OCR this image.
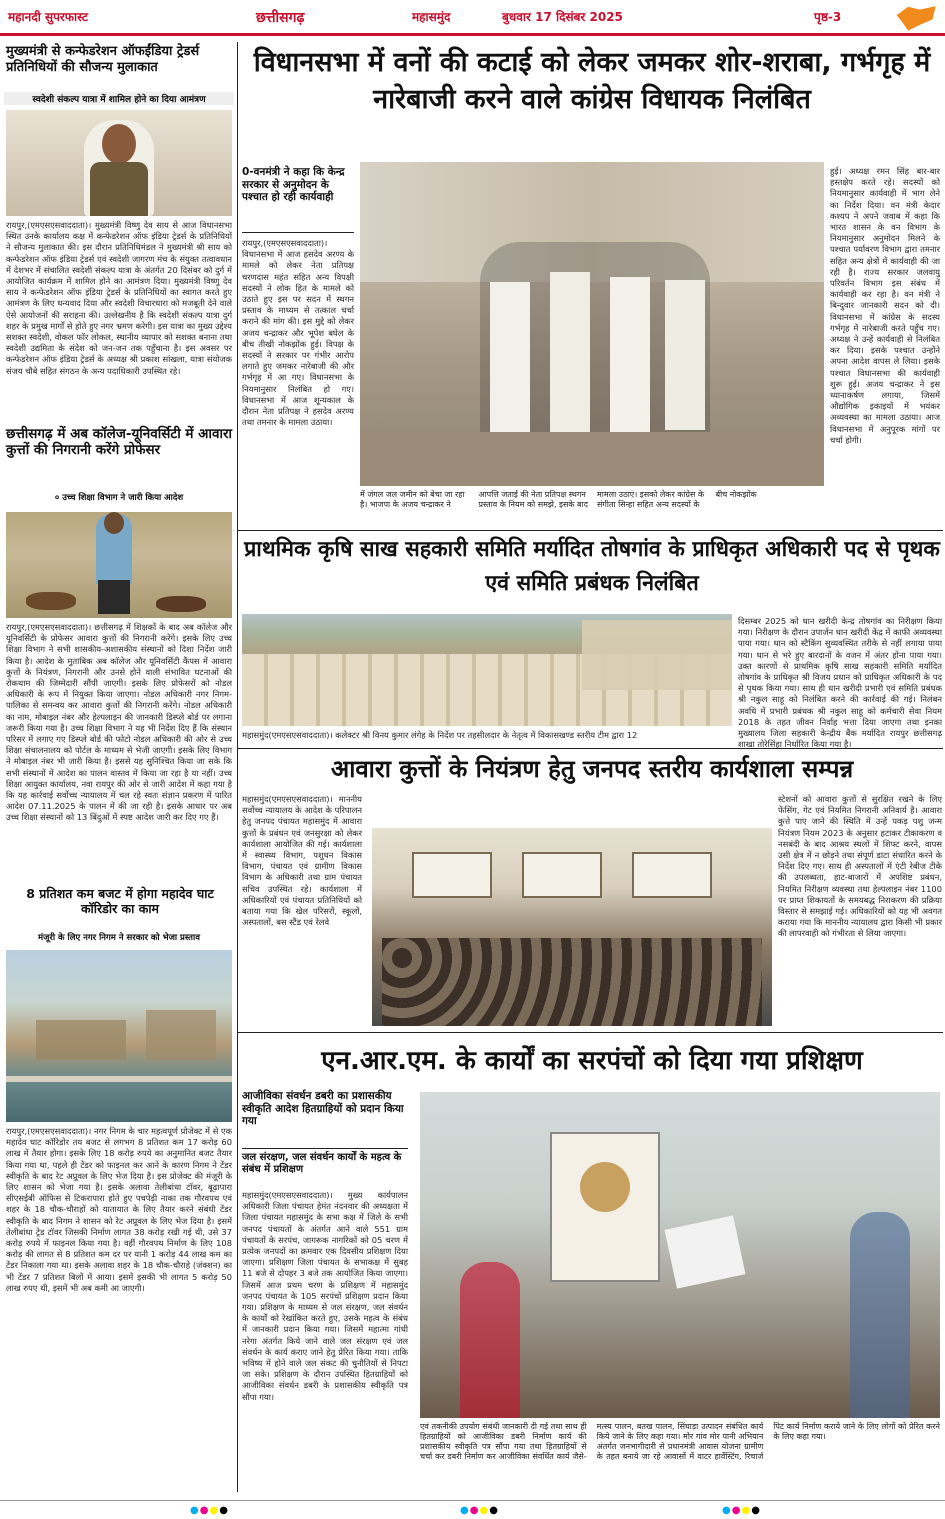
महानदी सुपरफास्ट	छत्तीसगढ़	महासमुंद	बुधवार 17 दिसंबर 2025	पृष्ठ-3
मुख्यमंत्री से कन्फेडरेशन ऑफईंडिया ट्रेडर्स प्रतिनिधियों की सौजन्य मुलाकात
स्वदेशी संकल्प यात्रा में शामिल होने का दिया आमंत्रण
रायपुर,(एमएसएसवाददाता)। मुख्यमंत्री विष्णु देव साय से आज विधानसभा स्थित उनके कार्यालय कक्ष में कन्फेडरेशन ऑफ इंडिया ट्रेडर्स के प्रतिनिधियों ने सौजन्य मुलाकात की। इस दौरान प्रतिनिधिमंडल ने मुख्यमंत्री श्री साय को कन्फेडरेशन ऑफ इंडिया ट्रेडर्स एवं स्वदेशी जागरण मंच के संयुक्त तत्वावधान में देशभर में संचालित स्वदेशी संकल्प यात्रा के अंतर्गत 20 दिसंबर को दुर्ग में आयोजित कार्यक्रम में शामिल होने का आमंत्रण दिया। मुख्यमंत्री विष्णु देव साय ने कन्फेडरेशन ऑफ इंडिया ट्रेडर्स के प्रतिनिधियों का स्वागत करते हुए आमंत्रण के लिए धन्यवाद दिया और स्वदेशी विचारधारा को मजबूती देने वाले ऐसे आयोजनों की सराहना की। उल्लेखनीय है कि स्वदेशी संकल्प यात्रा दुर्ग शहर के प्रमुख मार्गों से होते हुए नगर भ्रमण करेगी। इस यात्रा का मुख्य उद्देश्य सशक्त स्वदेशी, वोकल फॉर लोकल, स्थानीय व्यापार को सशक्त बनाना तथा स्वदेशी उद्यमिता के संदेश को जन-जन तक पहुँचाना है। इस अवसर पर कन्फेडरेशन ऑफ इंडिया ट्रेडर्स के अध्यक्ष श्री प्रकाश सांखला, यात्रा संयोजक संजय चौबे सहित संगठन के अन्य पदाधिकारी उपस्थित रहे।
छत्तीसगढ़ में अब कॉलेज-यूनिवर्सिटी में आवारा कुत्तों की निगरानी करेंगे प्रोफेसर
० उच्च शिक्षा विभाग ने जारी किया आदेश
रायपुर,(एमएसएसवाददाता)। छत्तीसगढ़ में शिक्षकों के बाद अब कॉलेज और यूनिवर्सिटी के प्रोफेसर आवारा कुत्तों की निगरानी करेंगे। इसके लिए उच्च शिक्षा विभाग ने सभी शासकीय-अशासकीय संस्थानों को दिशा निर्देश जारी किया है। आदेश के मुताबिक अब कॉलेज और यूनिवर्सिटी कैंपस में आवारा कुत्तों के नियंत्रण, निगरानी और उनसे होने वाली संभावित घटनाओं की रोकथाम की जिम्मेदारी सौंपी जाएगी। इसके लिए प्रोफेसरों को नोडल अधिकारी के रूप में नियुक्त किया जाएगा। नोडल अधिकारी नगर निगम-पालिका से समन्वय कर आवारा कुत्तों की निगरानी करेंगे। नोडल अधिकारी का नाम, मोबाइल नंबर और हेल्पलाइन की जानकारी डिस्प्ले बोर्ड पर लगाना जरूरी किया गया है। उच्च शिक्षा विभाग ने यह भी निर्देश दिए हैं कि संस्थान परिसर में लगाए गए डिस्प्ले बोर्ड की फोटो नोडल अधिकारी की ओर से उच्च शिक्षा संचालनालय को पोर्टल के माध्यम से भेजी जाएगी। इसके लिए विभाग ने मोबाइल नंबर भी जारी किया है। इससे यह सुनिश्चित किया जा सके कि सभी संस्थानों में आदेश का पालन वास्तव में किया जा रहा है या नहीं। उच्च शिक्षा आयुक्त कार्यालय, नवा रायपुर की ओर से जारी आदेश में कहा गया है कि यह कार्रवाई सर्वोच्च न्यायालय में चल रहे स्वतः संज्ञान प्रकरण में पारित आदेश 07.11.2025 के पालन में की जा रही है। इसके आधार पर अब उच्च शिक्षा संस्थानों को 13 बिंदुओं में स्पष्ट आदेश जारी कर दिए गए हैं।
8 प्रतिशत कम बजट में होगा महादेव घाट कॉरिडोर का काम
मंजूरी के लिए नगर निगम ने सरकार को भेजा प्रस्ताव
रायपुर,(एमएसएसवाददाता)। नगर निगम के चार महत्वपूर्ण प्रोजेक्ट में से एक महादेव घाट कॉरिडोर तय बजट से लगभग 8 प्रतिशत कम 17 करोड़ 60 लाख में तैयार होगा। इसके लिए 18 करोड़ रुपये का अनुमानित बजट तैयार किया गया था, पहले ही टेंडर को फाइनल कर आने के कारण निगम ने टेंडर स्वीकृति के बाद रेट अप्रूवल के लिए भेज दिया है। इस प्रोजेक्ट की मंजूरी के लिए शासन को भेजा गया है। इसके अलावा तेलीबांधा टॉवर, बूढ़ापारा सीएसईबी ऑफिस से टिकरापारा होते हुए पचपेड़ी नाका तक गौरवपथ एवं शहर के 18 चौक-चौराहों को यातायात के लिए तैयार करने संबंधी टेंडर स्वीकृति के बाद निगम ने शासन को रेट अप्रूवल के लिए भेज दिया है। इसमें तेलीबांधा ट्रेड टॉवर जिसकी निर्माण लागत 38 करोड़ रखी गई थी, उसे 37 करोड़ रुपये में फाइनल किया गया है। वहीं गौरवपथ निर्माण के लिए 108 करोड़ की लागत से 8 प्रतिशत कम दर पर यानी 1 करोड़ 44 लाख कम का टेंडर निकाला गया था। इसके अलावा शहर के 18 चौक-चौराहे (जंक्शन) का भी टेंडर 7 प्रतिशत बिलों में आया। इसमें इसकी भी लागत 5 करोड़ 50 लाख रुपए थी, इसमें भी अब कमी आ जाएगी।
विधानसभा में वनों की कटाई को लेकर जमकर शोर-शराबा, गर्भगृह में नारेबाजी करने वाले कांग्रेस विधायक निलंबित
0-वनमंत्री ने कहा कि केन्द्र सरकार से अनुमोदन के पश्चात हो रही कार्यवाही
रायपुर,(एमएसएसवाददाता)। विधानसभा में आज हसदेव अरण्य के मामले को लेकर नेता प्रतिपक्ष चरणदास महंत सहित अन्य विपक्षी सदस्यों ने लोक हित के मामले को उठाते हुए इस पर सदन में स्थगन प्रस्ताव के माध्यम से तत्काल चर्चा कराने की मांग की। इस मुद्दे को लेकर अजय चन्द्राकर और भूपेश बघेल के बीच तीखी नोकझोंक हुई। विपक्ष के सदस्यों ने सरकार पर गंभीर आरोप लगाते हुए जमकर नारेबाजी की और गर्भगृह में आ गए। विधानसभा के नियमानुसार निलंबित हो गए। विधानसभा में आज शून्यकाल के दौरान नेता प्रतिपक्ष ने हसदेव अरण्य तथा तमनार के मामला उठाया।
हुई। अध्यक्ष रमन सिंह बार-बार हस्तक्षेप करते रहे। सदस्यों को नियमानुसार कार्यवाही में भाग लेने का निर्देश दिया। वन मंत्री केदार कश्यप ने अपने जवाब में कहा कि भारत शासन के वन विभाग के नियमानुसार अनुमोदन मिलने के पश्चात पर्यावरण विभाग द्वारा तमनार सहित अन्य क्षेत्रों में कार्यवाही की जा रही है। राज्य सरकार जलवायु परिवर्तन विभाग इस संबंध में कार्यवाही कर रहा है। वन मंत्री ने बिन्दुवार जानकारी सदन को दी। विधानसभा में कांग्रेस के सदस्य गर्भगृह में नारेबाजी करते पहुँच गए। अध्यक्ष ने उन्हें कार्यवाही से निलंबित कर दिया। इसके पश्चात उन्होंने अपना आदेश वापस ले लिया। इसके पश्चात विधानसभा की कार्यवाही शुरू हुई। अजय चन्द्राकर ने इस ध्यानाकर्षण लगाया, जिसमें औद्योगिक इकाइयों में भयंकर अव्यवस्था का मामला उठाया। आज विधानसभा में अनुपूरक मांगों पर चर्चा होगी।
में जंगल जल जमीन को बेचा जा रहा है। भाजपा के अजय चन्द्राकर ने आपत्ति जताई की नेता प्रतिपक्ष स्थगन प्रस्ताव के नियम को समझे, इसके बाद मामला उठाएं। इसको लेकर कांग्रेस के संगीता सिन्हा सहित अन्य सदस्यों के बीच नोकझोंक
प्राथमिक कृषि साख सहकारी समिति मर्यादित तोषगांव के प्राधिकृत अधिकारी पद से पृथक एवं समिति प्रबंधक निलंबित
दिसम्बर 2025 को धान खरीदी केन्द्र तोषगांव का निरीक्षण किया गया। निरीक्षण के दौरान उपार्जन धान खरीदी केंद्र में काफी अव्यवस्था पाया गया। धान को स्टैकिंग सुव्यवस्थित तरीके से नहीं लगाया पाया गया। धान से भरे हुए बारदानों के वजन में अंतर होना पाया गया। उक्त कारणों से प्राथमिक कृषि साख सहकारी समिति मर्यादित तोषगांव के प्राधिकृत श्री विजय प्रधान को प्राधिकृत अधिकारी के पद से पृथक किया गया। साथ ही धान खरीदी प्रभारी एवं समिति प्रबंधक श्री नकुल साहू को निलंबित करने की कार्रवाई की गई। निलंबन अवधि में प्रभारी प्रबंधक श्री नकुल साहू को कर्मचारी सेवा नियम 2018 के तहत जीवन निर्वाह भत्ता दिया जाएगा तथा इनका मुख्यालय जिला सहकारी केन्द्रीय बैंक मर्यादित रायपुर छत्तीसगढ़ शाखा तोरेसिंहा निर्धारित किया गया है।
महासमुंद(एमएसएसवाददाता)। कलेक्टर श्री विनय कुमार लंगेह के निर्देश पर तहसीलदार के नेतृत्व में विकासखण्ड स्तरीय टीम द्वारा 12
आवारा कुत्तों के नियंत्रण हेतु जनपद स्तरीय कार्यशाला सम्पन्न
महासमुंद(एमएसएसवाददाता)। माननीय सर्वोच्च न्यायालय के आदेश के परिपालन हेतु जनपद पंचायत महासमुंद में आवारा कुत्तों के प्रबंधन एवं जनसुरक्षा को लेकर कार्यशाला आयोजित की गई। कार्यशाला में स्वास्थ्य विभाग, पशुधन विकास विभाग, पंचायत एवं ग्रामीण विकास विभाग के अधिकारी तथा ग्राम पंचायत सचिव उपस्थित रहे। कार्यशाला में अधिकारियों एवं पंचायत प्रतिनिधियों को बताया गया कि खेल परिसरों, स्कूलों, अस्पतालों, बस स्टैंड एवं रेलवे
स्टेशनों को आवारा कुत्तों से सुरक्षित रखने के लिए फेंसिंग, गेट एवं नियमित निगरानी अनिवार्य है। आवारा कुत्ते पाए जाने की स्थिति में उन्हें पकड़ पशु जन्म नियंत्रण नियम 2023 के अनुसार हटाकर टीकाकरण व नसबंदी के बाद आश्रय स्थलों में शिफ्ट करने, वापस उसी क्षेत्र में न छोड़ने तथा संपूर्ण डाटा संधारित करने के निर्देश दिए गए। साथ ही अस्पतालों में एंटी रेबीज टीके की उपलब्धता, हाट-बाजारों में अपशिष्ट प्रबंधन, नियमित निरीक्षण व्यवस्था तथा हेल्पलाइन नंबर 1100 पर प्राप्त शिकायतों के समयबद्ध निराकरण की प्रक्रिया विस्तार से समझाई गई। अधिकारियों को यह भी अवगत कराया गया कि माननीय न्यायालय द्वारा किसी भी प्रकार की लापरवाही को गंभीरता से लिया जाएगा।
एन.आर.एम. के कार्यों का सरपंचों को दिया गया प्रशिक्षण
आजीविका संवर्धन डबरी का प्रशासकीय स्वीकृति आदेश हितग्राहियों को प्रदान किया गया
जल संरक्षण, जल संवर्धन कार्यों के महत्व के संबंध में प्रशिक्षण
महासमुंद(एमएसएसवाददाता)। मुख्य कार्यपालन अधिकारी जिला पंचायत हेमंत नंदनवार की अध्यक्षता में जिला पंचायत महासमुंद के सभा कक्ष में जिले के सभी जनपद पंचायतों के अंतर्गत आने वाले 551 ग्राम पंचायतों के सरपंच, जागरूक नागरिकों को 05 चरण में प्रत्येक जनपदों का क्रमवार एक दिवसीय प्रशिक्षण दिया जाएगा। प्रशिक्षण जिला पंचायत के सभाकक्ष में सुबह 11 बजे से दोपहर 3 बजे तक आयोजित किया जाएगा। जिसमें आज प्रथम चरण के प्रशिक्षण में महासमुंद जनपद पंचायत के 105 सरपंचों प्रशिक्षण प्रदान किया गया। प्रशिक्षण के माध्यम से जल संरक्षण, जल संवर्धन के कार्यों को रेखांकित करते हुए, उसके महत्व के संबंध में जानकारी प्रदान किया गया। जिसमें महात्मा गांधी नरेगा अंतर्गत किये जाने वाले जल संरक्षण एवं जल संवर्धन के कार्य कराए जाने हेतु प्रेरित किया गया। ताकि भविष्य में होने वाले जल संकट की चुनौतियों से निपटा जा सके। प्रशिक्षण के दौरान उपस्थित हितग्राहियों को आजीविका संवर्धन डबरी के प्रशासकीय स्वीकृति पत्र सौंपा गया।
एवं तकनीकी उपयोग संबंधी जानकारी दी गई तथा साथ ही हितग्राहियों को आजीविका डबरी निर्माण कार्य की प्रशासकीय स्वीकृति पत्र सौंपा गया तथा हितग्राहियों से चर्चा कर डबरी निर्माण कर आजीविका संवर्धित कार्य जैसे- मत्स्य पालन, बतख पालन, सिंघाड़ा उत्पादन संबंधित कार्य किये जाने के लिए कहा गया। मोर गांव मोर पानी अभियान अंतर्गत जनभागीदारी से प्रधानमंत्री आवास योजना ग्रामीण के तहत बनाये जा रहे आवासों में वाटर हार्वेस्टिंग, रिचार्ज पिट कार्य निर्माण कराये जाने के लिए लोगों को प्रेरित करने के लिए कहा गया।
●●●●	●●●●	●●●●
